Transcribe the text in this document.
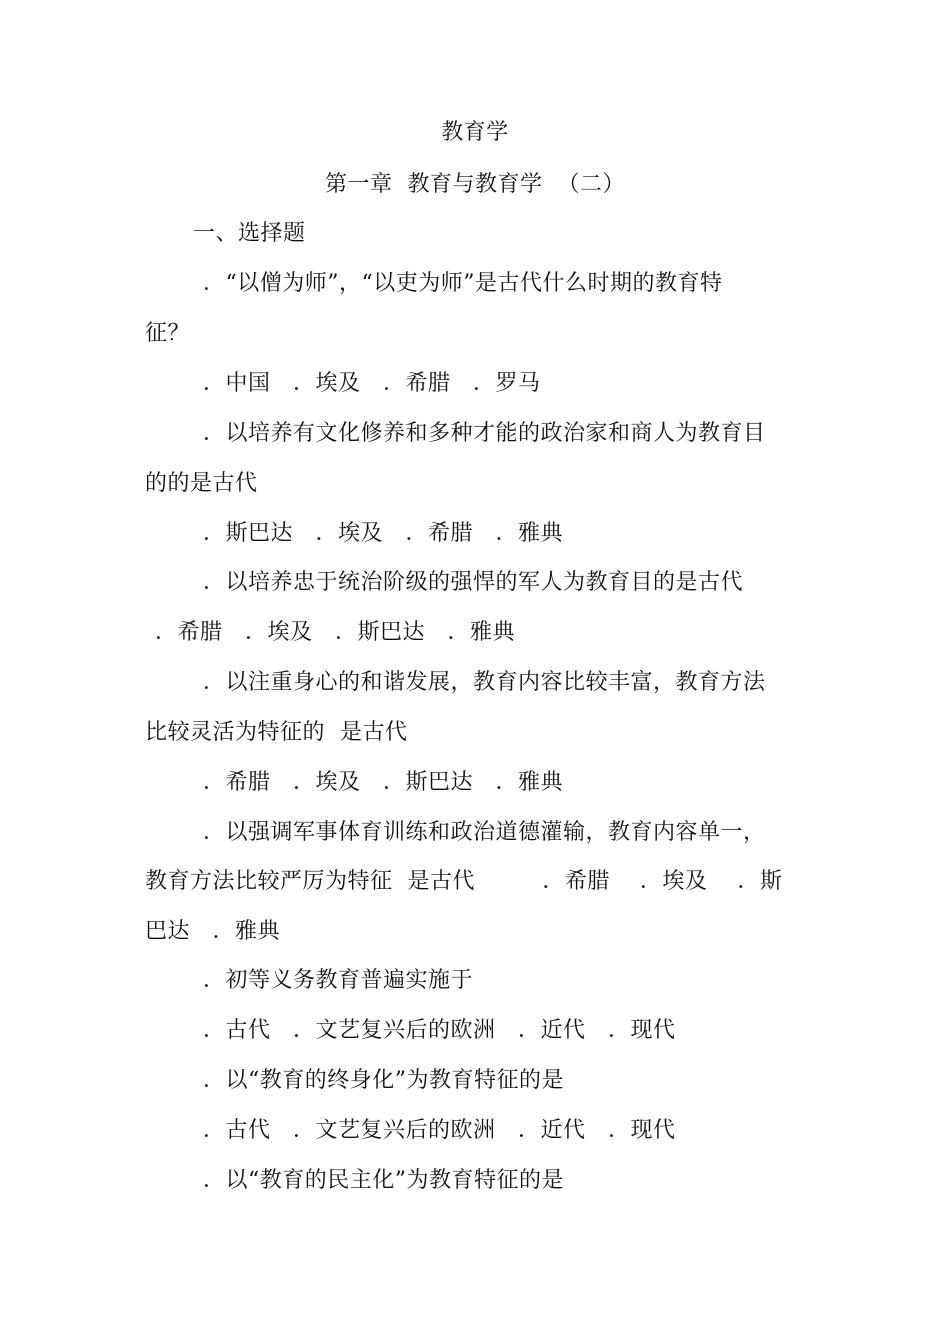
教育学
第一章  教育与教育学  （二）
一、选择题
．“以僧为师”，“以吏为师”是古代什么时期的教育特
征？
．中国   ．埃及   ．希腊   ．罗马
．以培养有文化修养和多种才能的政治家和商人为教育目
的的是古代
．斯巴达   ．埃及   ．希腊   ．雅典
．以培养忠于统治阶级的强悍的军人为教育目的是古代
．希腊   ．埃及   ．斯巴达   ．雅典
．以注重身心的和谐发展，教育内容比较丰富，教育方法
比较灵活为特征的  是古代
．希腊   ．埃及   ．斯巴达   ．雅典
．以强调军事体育训练和政治道德灌输，教育内容单一，
教育方法比较严厉为特征  是古代         ．希腊    ．埃及    ．斯
巴达   ．雅典
．初等义务教育普遍实施于
．古代   ．文艺复兴后的欧洲   ．近代   ．现代
．以“教育的终身化”为教育特征的是
．古代   ．文艺复兴后的欧洲   ．近代   ．现代
．以“教育的民主化”为教育特征的是
